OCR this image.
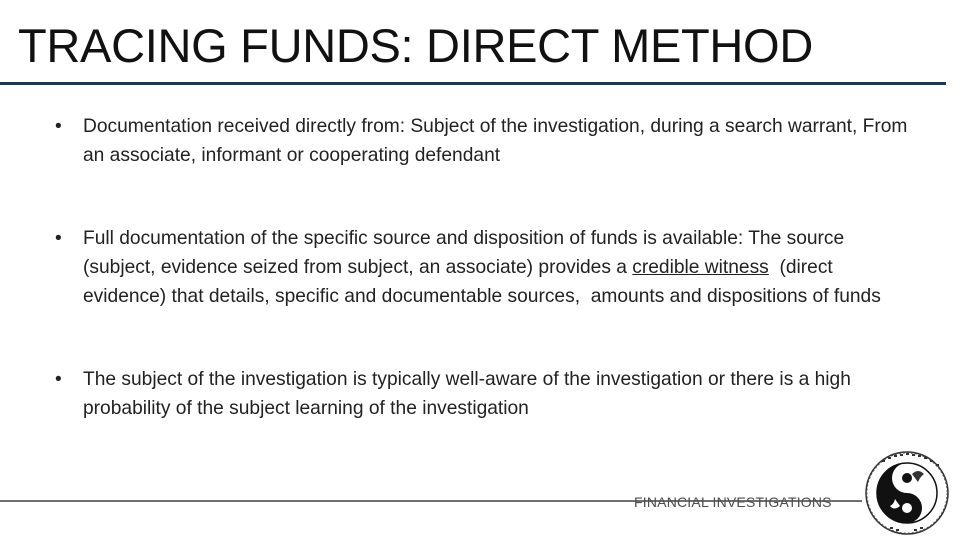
TRACING FUNDS: DIRECT METHOD
• Documentation received directly from: Subject of the investigation, during a search warrant, From an associate, informant or cooperating defendant
• Full documentation of the specific source and disposition of funds is available: The source (subject, evidence seized from subject, an associate) provides a credible witness  (direct evidence) that details, specific and documentable sources,  amounts and dispositions of funds
• The subject of the investigation is typically well-aware of the investigation or there is a high probability of the subject learning of the investigation
FINANCIAL INVESTIGATIONS
